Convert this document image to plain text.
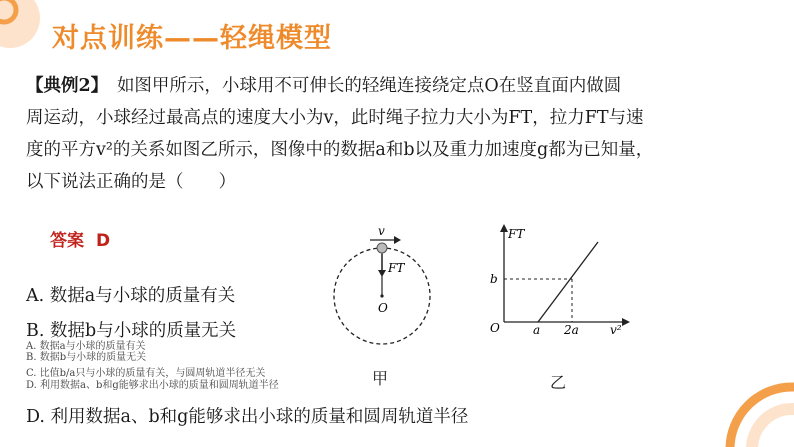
对点训练——轻绳模型
【典例2】　 如图甲所示，小球用不可伸长的轻绳连接绕定点O在竖直面内做圆
周运动，小球经过最高点的速度大小为v，此时绳子拉力大小为FT，拉力FT与速
度的平方v²的关系如图乙所示，图像中的数据a和b以及重力加速度g都为已知量，
以下说法正确的是（　　）
答案 D
A. 数据a与小球的质量有关
B. 数据b与小球的质量无关
A. 数据a与小球的质量有关
B. 数据b与小球的质量无关
C. 比值b/a只与小球的质量有关，与圆周轨道半径无关
D. 利用数据a、b和g能够求出小球的质量和圆周轨道半径
D. 利用数据a、b和g能够求出小球的质量和圆周轨道半径
v
FT
O
甲
FT
b
O	a 2a	v²
乙
